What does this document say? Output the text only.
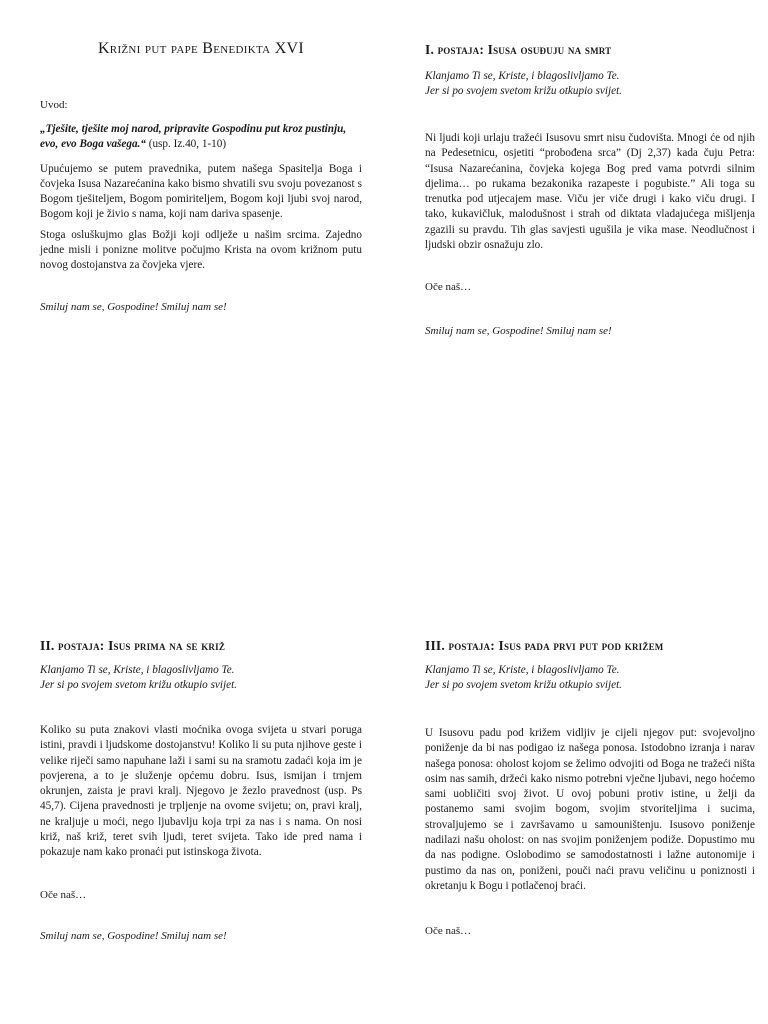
Križni put pape Benedikta XVI

Uvod:

„Tješite, tješite moj narod, pripravite Gospodinu put kroz pustinju, evo, evo Boga vašega.“ (usp. Iz.40, 1-10)

Upućujemo se putem pravednika, putem našega Spasitelja Boga i čovjeka Isusa Nazarećanina kako bismo shvatili svu svoju povezanost s Bogom tješiteljem, Bogom pomiriteljem, Bogom koji ljubi svoj narod, Bogom koji je živio s nama, koji nam dariva spasenje.

Stoga osluškujmo glas Božji koji odlježe u našim srcima. Zajedno jedne misli i ponizne molitve počujmo Krista na ovom križnom putu novog dostojanstva za čovjeka vjere.

Smiluj nam se, Gospodine! Smiluj nam se!

I. postaja: Isusa osuđuju na smrt

Klanjamo Ti se, Kriste, i blagoslivljamo Te.

Jer si po svojem svetom križu otkupio svijet.

Ni ljudi koji urlaju tražeći Isusovu smrt nisu čudovišta. Mnogi će od njih na Pedesetnicu, osjetiti “probođena srca” (Dj 2,37) kada čuju Petra: “Isusa Nazarećanina, čovjeka kojega Bog pred vama potvrdi silnim djelima… po rukama bezakonika razapeste i pogubiste.” Ali toga su trenutka pod utjecajem mase. Viču jer viče drugi i kako viču drugi. I tako, kukavičluk, malodušnost i strah od diktata vladajućega mišljenja zgazili su pravdu. Tih glas savjesti ugušila je vika mase. Neodlučnost i ljudski obzir osnažuju zlo.

Oče naš…

Smiluj nam se, Gospodine! Smiluj nam se!

II. postaja: Isus prima na se križ

Klanjamo Ti se, Kriste, i blagoslivljamo Te.

Jer si po svojem svetom križu otkupio svijet.

Koliko su puta znakovi vlasti moćnika ovoga svijeta u stvari poruga istini, pravdi i ljudskome dostojanstvu! Koliko li su puta njihove geste i velike riječi samo napuhane laži i sami su na sramotu zadaći koja im je povjerena, a to je služenje općemu dobru. Isus, ismijan i trnjem okrunjen, zaista je pravi kralj. Njegovo je žezlo pravednost (usp. Ps 45,7). Cijena pravednosti je trpljenje na ovome svijetu; on, pravi kralj, ne kraljuje u moći, nego ljubavlju koja trpi za nas i s nama. On nosi križ, naš križ, teret svih ljudi, teret svijeta. Tako ide pred nama i pokazuje nam kako pronaći put istinskoga života.

Oče naš…

Smiluj nam se, Gospodine! Smiluj nam se!

III. postaja: Isus pada prvi put pod križem

Klanjamo Ti se, Kriste, i blagoslivljamo Te.

Jer si po svojem svetom križu otkupio svijet.

U Isusovu padu pod križem vidljiv je cijeli njegov put: svojevoljno poniženje da bi nas podigao iz našega ponosa. Istodobno izranja i narav našega ponosa: oholost kojom se želimo odvojiti od Boga ne tražeći ništa osim nas samih, držeći kako nismo potrebni vječne ljubavi, nego hoćemo sami uobličiti svoj život. U ovoj pobuni protiv istine, u želji da postanemo sami svojim bogom, svojim stvoriteljima i sucima, strovaljujemo se i završavamo u samouništenju. Isusovo poniženje nadilazi našu oholost: on nas svojim poniženjem podiže. Dopustimo mu da nas podigne. Oslobodimo se samodostatnosti i lažne autonomije i pustimo da nas on, poniženi, pouči naći pravu veličinu u poniznosti i okretanju k Bogu i potlačenoj braći.

Oče naš…
